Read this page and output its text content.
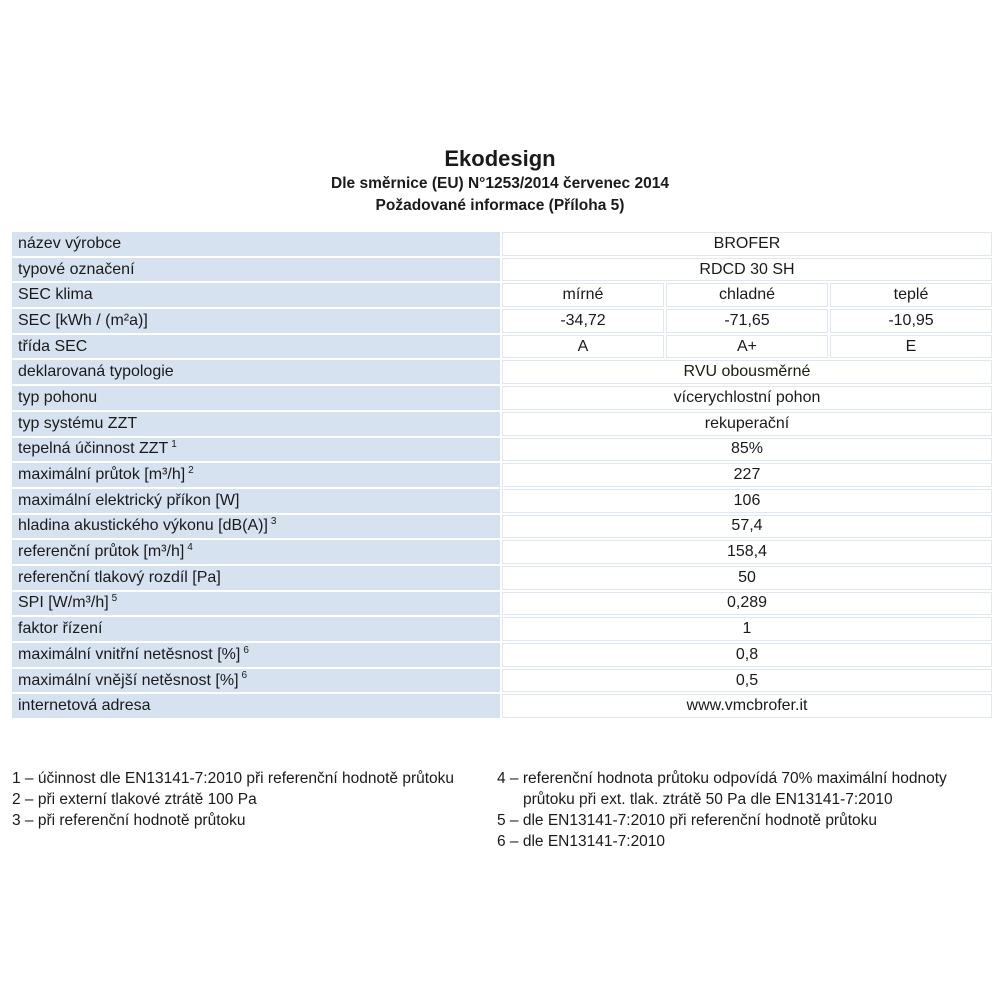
Ekodesign
Dle směrnice (EU) N°1253/2014 červenec 2014
Požadované informace (Příloha 5)
název výrobce	BROFER		
typové označení	RDCD 30 SH		
SEC klima	mírné	chladné	teplé
SEC [kWh / (m²a)]	-34,72	-71,65	-10,95
třída SEC	A	A+	E
deklarovaná typologie	RVU obousměrné		
typ pohonu	vícerychlostní pohon		
typ systému ZZT	rekuperační		
tepelná účinnost ZZT $^1$	85%		
maximální průtok [m³/h] $^2$	227		
maximální elektrický příkon [W]	106		
hladina akustického výkonu [dB(A)] $^3$	57,4		
referenční průtok [m³/h] $^4$	158,4		
referenční tlakový rozdíl [Pa]	50		
SPI [W/m³/h] $^5$	0,289		
faktor řízení	1		
maximální vnitřní netěsnost [%] $^6$	0,8		
maximální vnější netěsnost [%] $^6$	0,5		
internetová adresa	www.vmcbrofer.it		
1 – účinnost dle EN13141-7:2010 při referenční hodnotě průtoku
2 – při externí tlakové ztrátě 100 Pa
3 – při referenční hodnotě průtoku
4 – referenční hodnota průtoku odpovídá 70% maximální hodnoty průtoku při ext. tlak. ztrátě 50 Pa dle EN13141-7:2010
5 – dle EN13141-7:2010 při referenční hodnotě průtoku
6 – dle EN13141-7:2010
